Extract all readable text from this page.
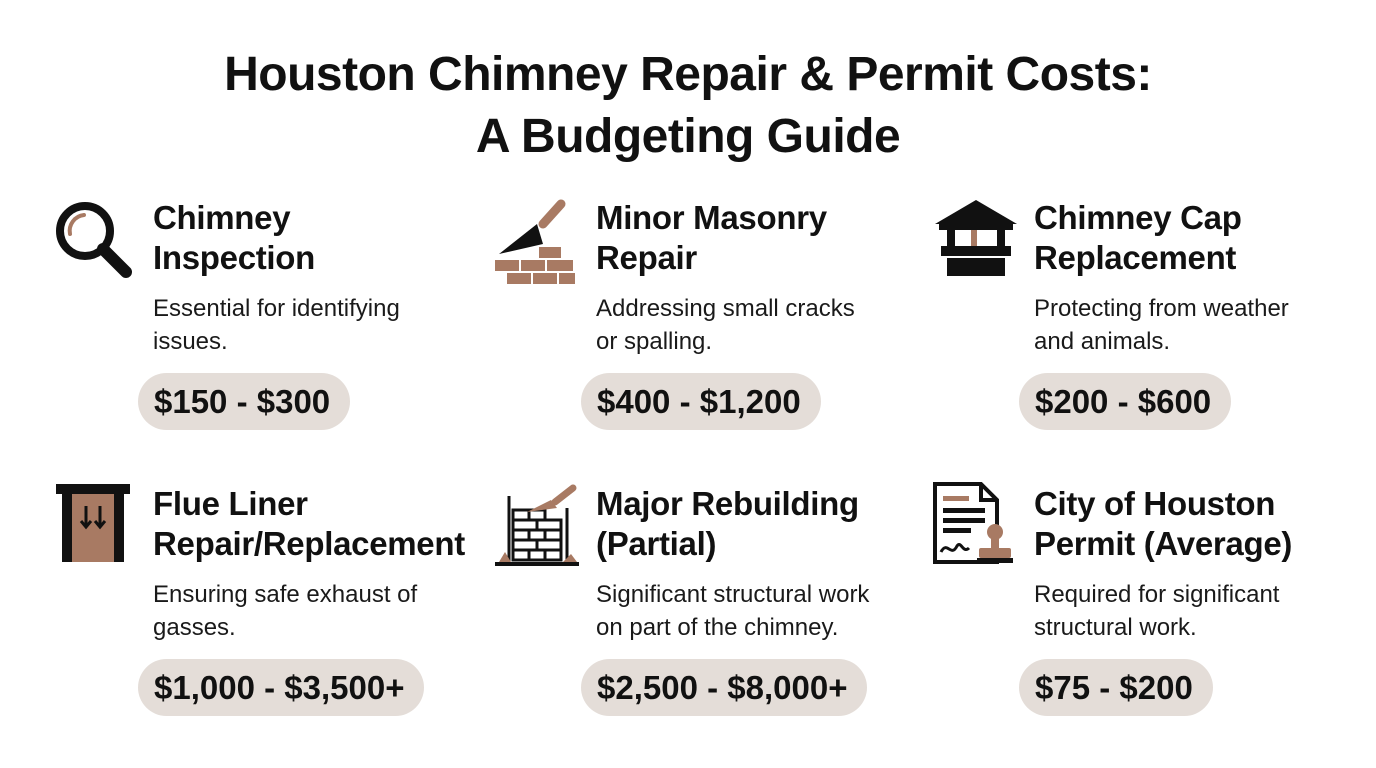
Houston Chimney Repair & Permit Costs:
A Budgeting Guide
Chimney
Inspection
Essential for identifying
issues.
$150 - $300
Minor Masonry
Repair
Addressing small cracks
or spalling.
$400 - $1,200
Chimney Cap
Replacement
Protecting from weather
and animals.
$200 - $600
Flue Liner
Repair/Replacement
Ensuring safe exhaust of
gasses.
$1,000 - $3,500+
Major Rebuilding
(Partial)
Significant structural work
on part of the chimney.
$2,500 - $8,000+
City of Houston
Permit (Average)
Required for significant
structural work.
$75 - $200
